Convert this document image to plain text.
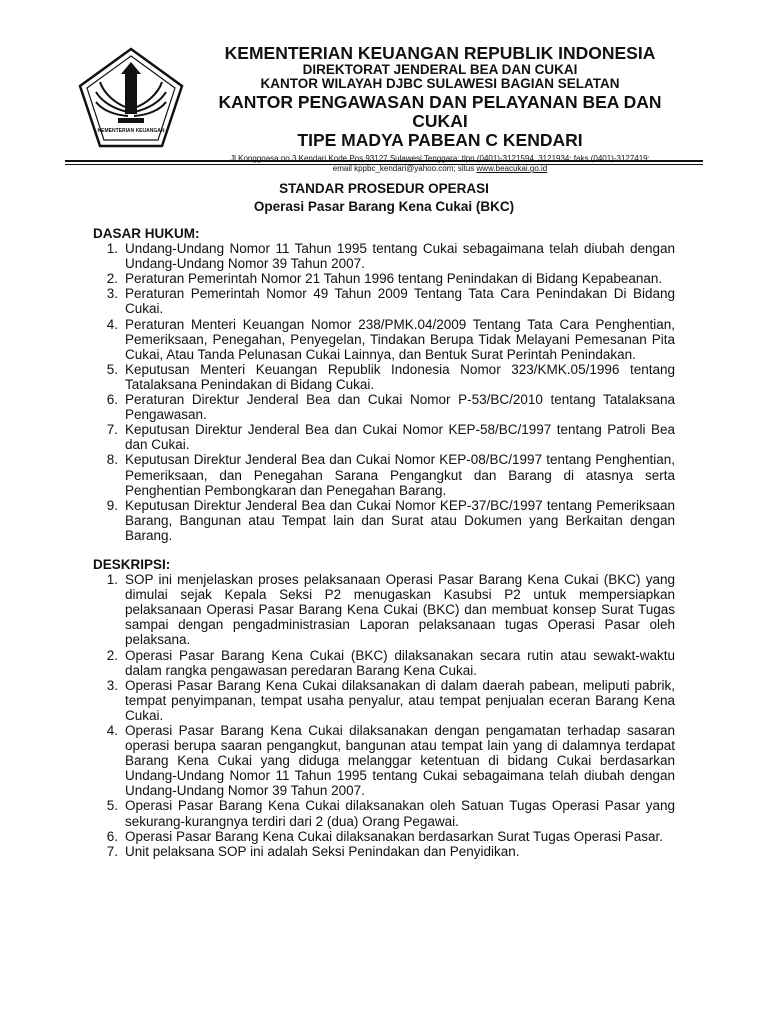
KEMENTERIAN KEUANGAN
KEMENTERIAN KEUANGAN REPUBLIK INDONESIA
DIREKTORAT JENDERAL BEA DAN CUKAI
KANTOR WILAYAH DJBC SULAWESI BAGIAN SELATAN
KANTOR PENGAWASAN DAN PELAYANAN BEA DAN CUKAI
TIPE MADYA PABEAN C KENDARI
Jl.Konggoasa no.3 Kendari Kode Pos 93127 Sulawesi Tenggara; tlpn (0401)-3121594, 3121934; faks (0401)-3127419;
email kppbc_kendari@yahoo.com; situs www.beacukai.go.id
STANDAR PROSEDUR OPERASI
Operasi Pasar Barang Kena Cukai (BKC)
DASAR HUKUM:
1. Undang-Undang Nomor 11 Tahun 1995 tentang Cukai sebagaimana telah diubah dengan Undang-Undang Nomor 39 Tahun 2007.
2. Peraturan Pemerintah Nomor 21 Tahun 1996 tentang Penindakan di Bidang Kepabeanan.
3. Peraturan Pemerintah Nomor 49 Tahun 2009 Tentang Tata Cara Penindakan Di Bidang Cukai.
4. Peraturan Menteri Keuangan Nomor 238/PMK.04/2009 Tentang Tata Cara Penghentian, Pemeriksaan, Penegahan, Penyegelan, Tindakan Berupa Tidak Melayani Pemesanan Pita Cukai, Atau Tanda Pelunasan Cukai Lainnya, dan Bentuk Surat Perintah Penindakan.
5. Keputusan Menteri Keuangan Republik Indonesia Nomor 323/KMK.05/1996 tentang Tatalaksana Penindakan di Bidang Cukai.
6. Peraturan Direktur Jenderal Bea dan Cukai Nomor P-53/BC/2010 tentang Tatalaksana Pengawasan.
7. Keputusan Direktur Jenderal Bea dan Cukai Nomor KEP-58/BC/1997 tentang Patroli Bea dan Cukai.
8. Keputusan Direktur Jenderal Bea dan Cukai Nomor KEP-08/BC/1997 tentang Penghentian, Pemeriksaan, dan Penegahan Sarana Pengangkut dan Barang di atasnya serta Penghentian Pembongkaran dan Penegahan Barang.
9. Keputusan Direktur Jenderal Bea dan Cukai Nomor KEP-37/BC/1997 tentang Pemeriksaan Barang, Bangunan atau Tempat lain dan Surat atau Dokumen yang Berkaitan dengan Barang.
DESKRIPSI:
1. SOP ini menjelaskan proses pelaksanaan Operasi Pasar Barang Kena Cukai (BKC) yang dimulai sejak Kepala Seksi P2 menugaskan Kasubsi P2 untuk mempersiapkan pelaksanaan Operasi Pasar Barang Kena Cukai (BKC) dan membuat konsep Surat Tugas sampai dengan pengadministrasian Laporan pelaksanaan tugas Operasi Pasar oleh pelaksana.
2. Operasi Pasar Barang Kena Cukai (BKC) dilaksanakan secara rutin atau sewakt-waktu dalam rangka pengawasan peredaran Barang Kena Cukai.
3. Operasi Pasar Barang Kena Cukai dilaksanakan di dalam daerah pabean, meliputi pabrik, tempat penyimpanan, tempat usaha penyalur, atau tempat penjualan eceran Barang Kena Cukai.
4. Operasi Pasar Barang Kena Cukai dilaksanakan dengan pengamatan terhadap sasaran operasi berupa saaran pengangkut, bangunan atau tempat lain yang di dalamnya terdapat Barang Kena Cukai yang diduga melanggar ketentuan di bidang Cukai berdasarkan Undang-Undang Nomor 11 Tahun 1995 tentang Cukai sebagaimana telah diubah dengan Undang-Undang Nomor 39 Tahun 2007.
5. Operasi Pasar Barang Kena Cukai dilaksanakan oleh Satuan Tugas Operasi Pasar yang sekurang-kurangnya terdiri dari 2 (dua) Orang Pegawai.
6. Operasi Pasar Barang Kena Cukai dilaksanakan berdasarkan Surat Tugas Operasi Pasar.
7. Unit pelaksana SOP ini adalah Seksi Penindakan dan Penyidikan.
